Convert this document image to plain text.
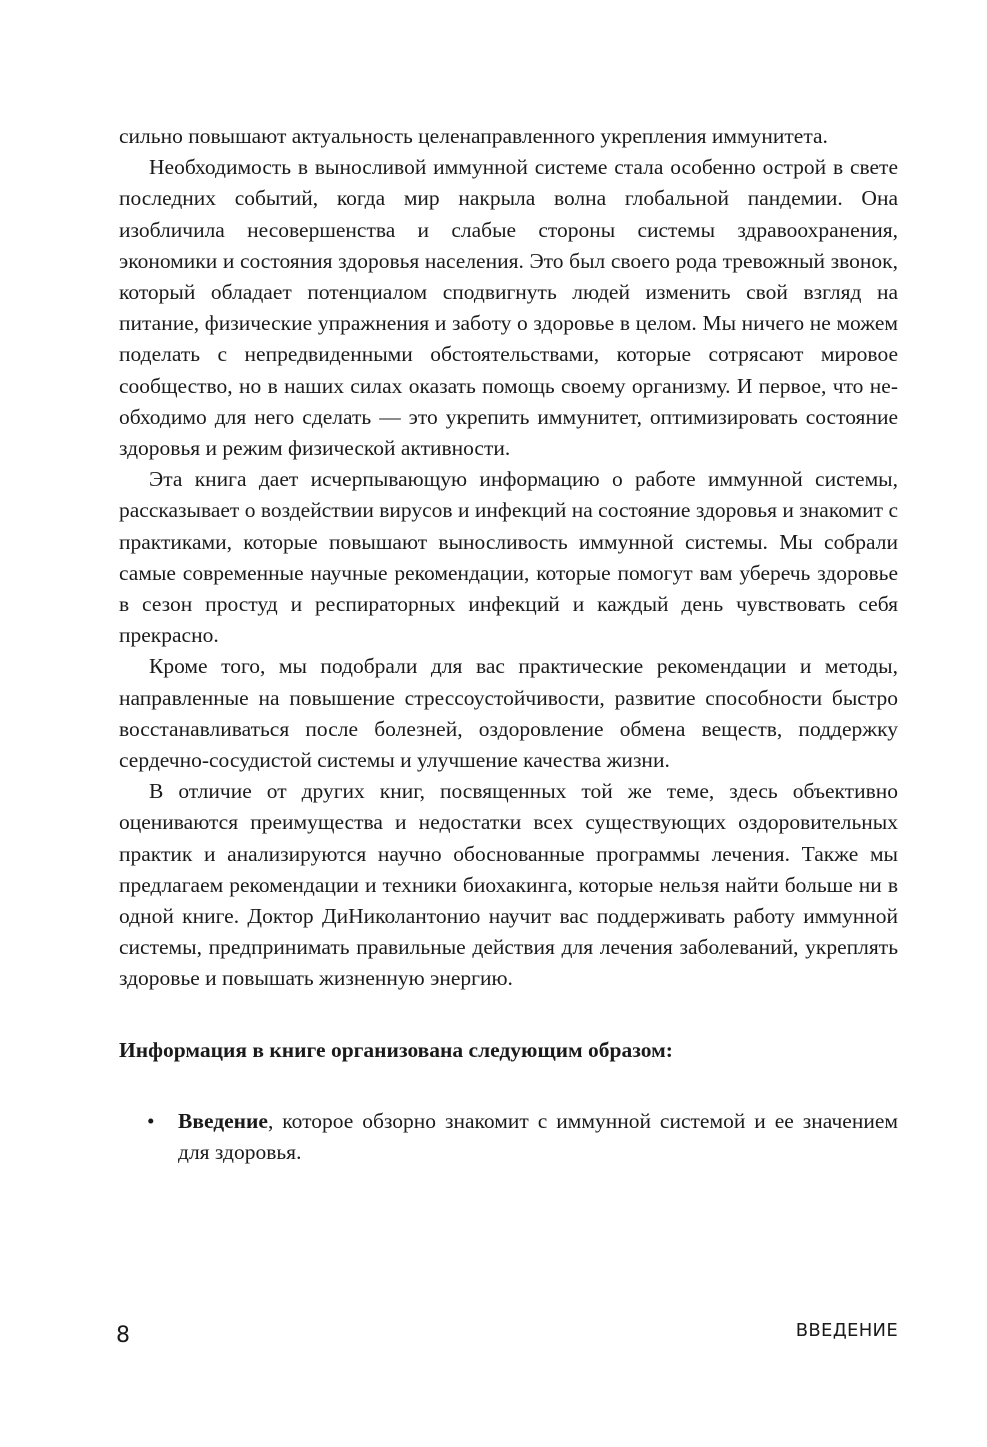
сильно повышают актуальность целенаправленного укрепления иммунитета.

Необходимость в выносливой иммунной системе стала особенно острой в свете последних событий, когда мир накрыла волна глобальной пандемии. Она изобличила несовершенства и слабые стороны системы здравоохранения, экономики и состояния здоровья населения. Это был своего рода тревожный звонок, который обладает потенциалом сподвигнуть людей изменить свой взгляд на питание, физические упражнения и заботу о здоровье в целом. Мы ничего не можем поделать с непредвиденными обстоятельствами, которые сотрясают мировое сообщество, но в наших силах оказать помощь своему организму. И первое, что необходимо для него сделать — это укрепить иммунитет, оптимизировать состояние здоровья и режим физической активности.

Эта книга дает исчерпывающую информацию о работе иммунной системы, рассказывает о воздействии вирусов и инфекций на состояние здоровья и знакомит с практиками, которые повышают выносливость иммунной системы. Мы собрали самые современные научные рекомендации, которые помогут вам уберечь здоровье в сезон простуд и респираторных инфекций и каждый день чувствовать себя прекрасно.

Кроме того, мы подобрали для вас практические рекомендации и методы, направленные на повышение стрессоустойчивости, развитие способности быстро восстанавливаться после болезней, оздоровление обмена веществ, поддержку сердечно-сосудистой системы и улучшение качества жизни.

В отличие от других книг, посвященных той же теме, здесь объективно оцениваются преимущества и недостатки всех существующих оздоровительных практик и анализируются научно обоснованные программы лечения. Также мы предлагаем рекомендации и техники биохакинга, которые нельзя найти больше ни в одной книге. Доктор ДиНиколантонио научит вас поддерживать работу иммунной системы, предпринимать правильные действия для лечения заболеваний, укреплять здоровье и повышать жизненную энергию.

Информация в книге организована следующим образом:

• Введение, которое обзорно знакомит с иммунной системой и ее значением для здоровья.
8	ВВЕДЕНИЕ
